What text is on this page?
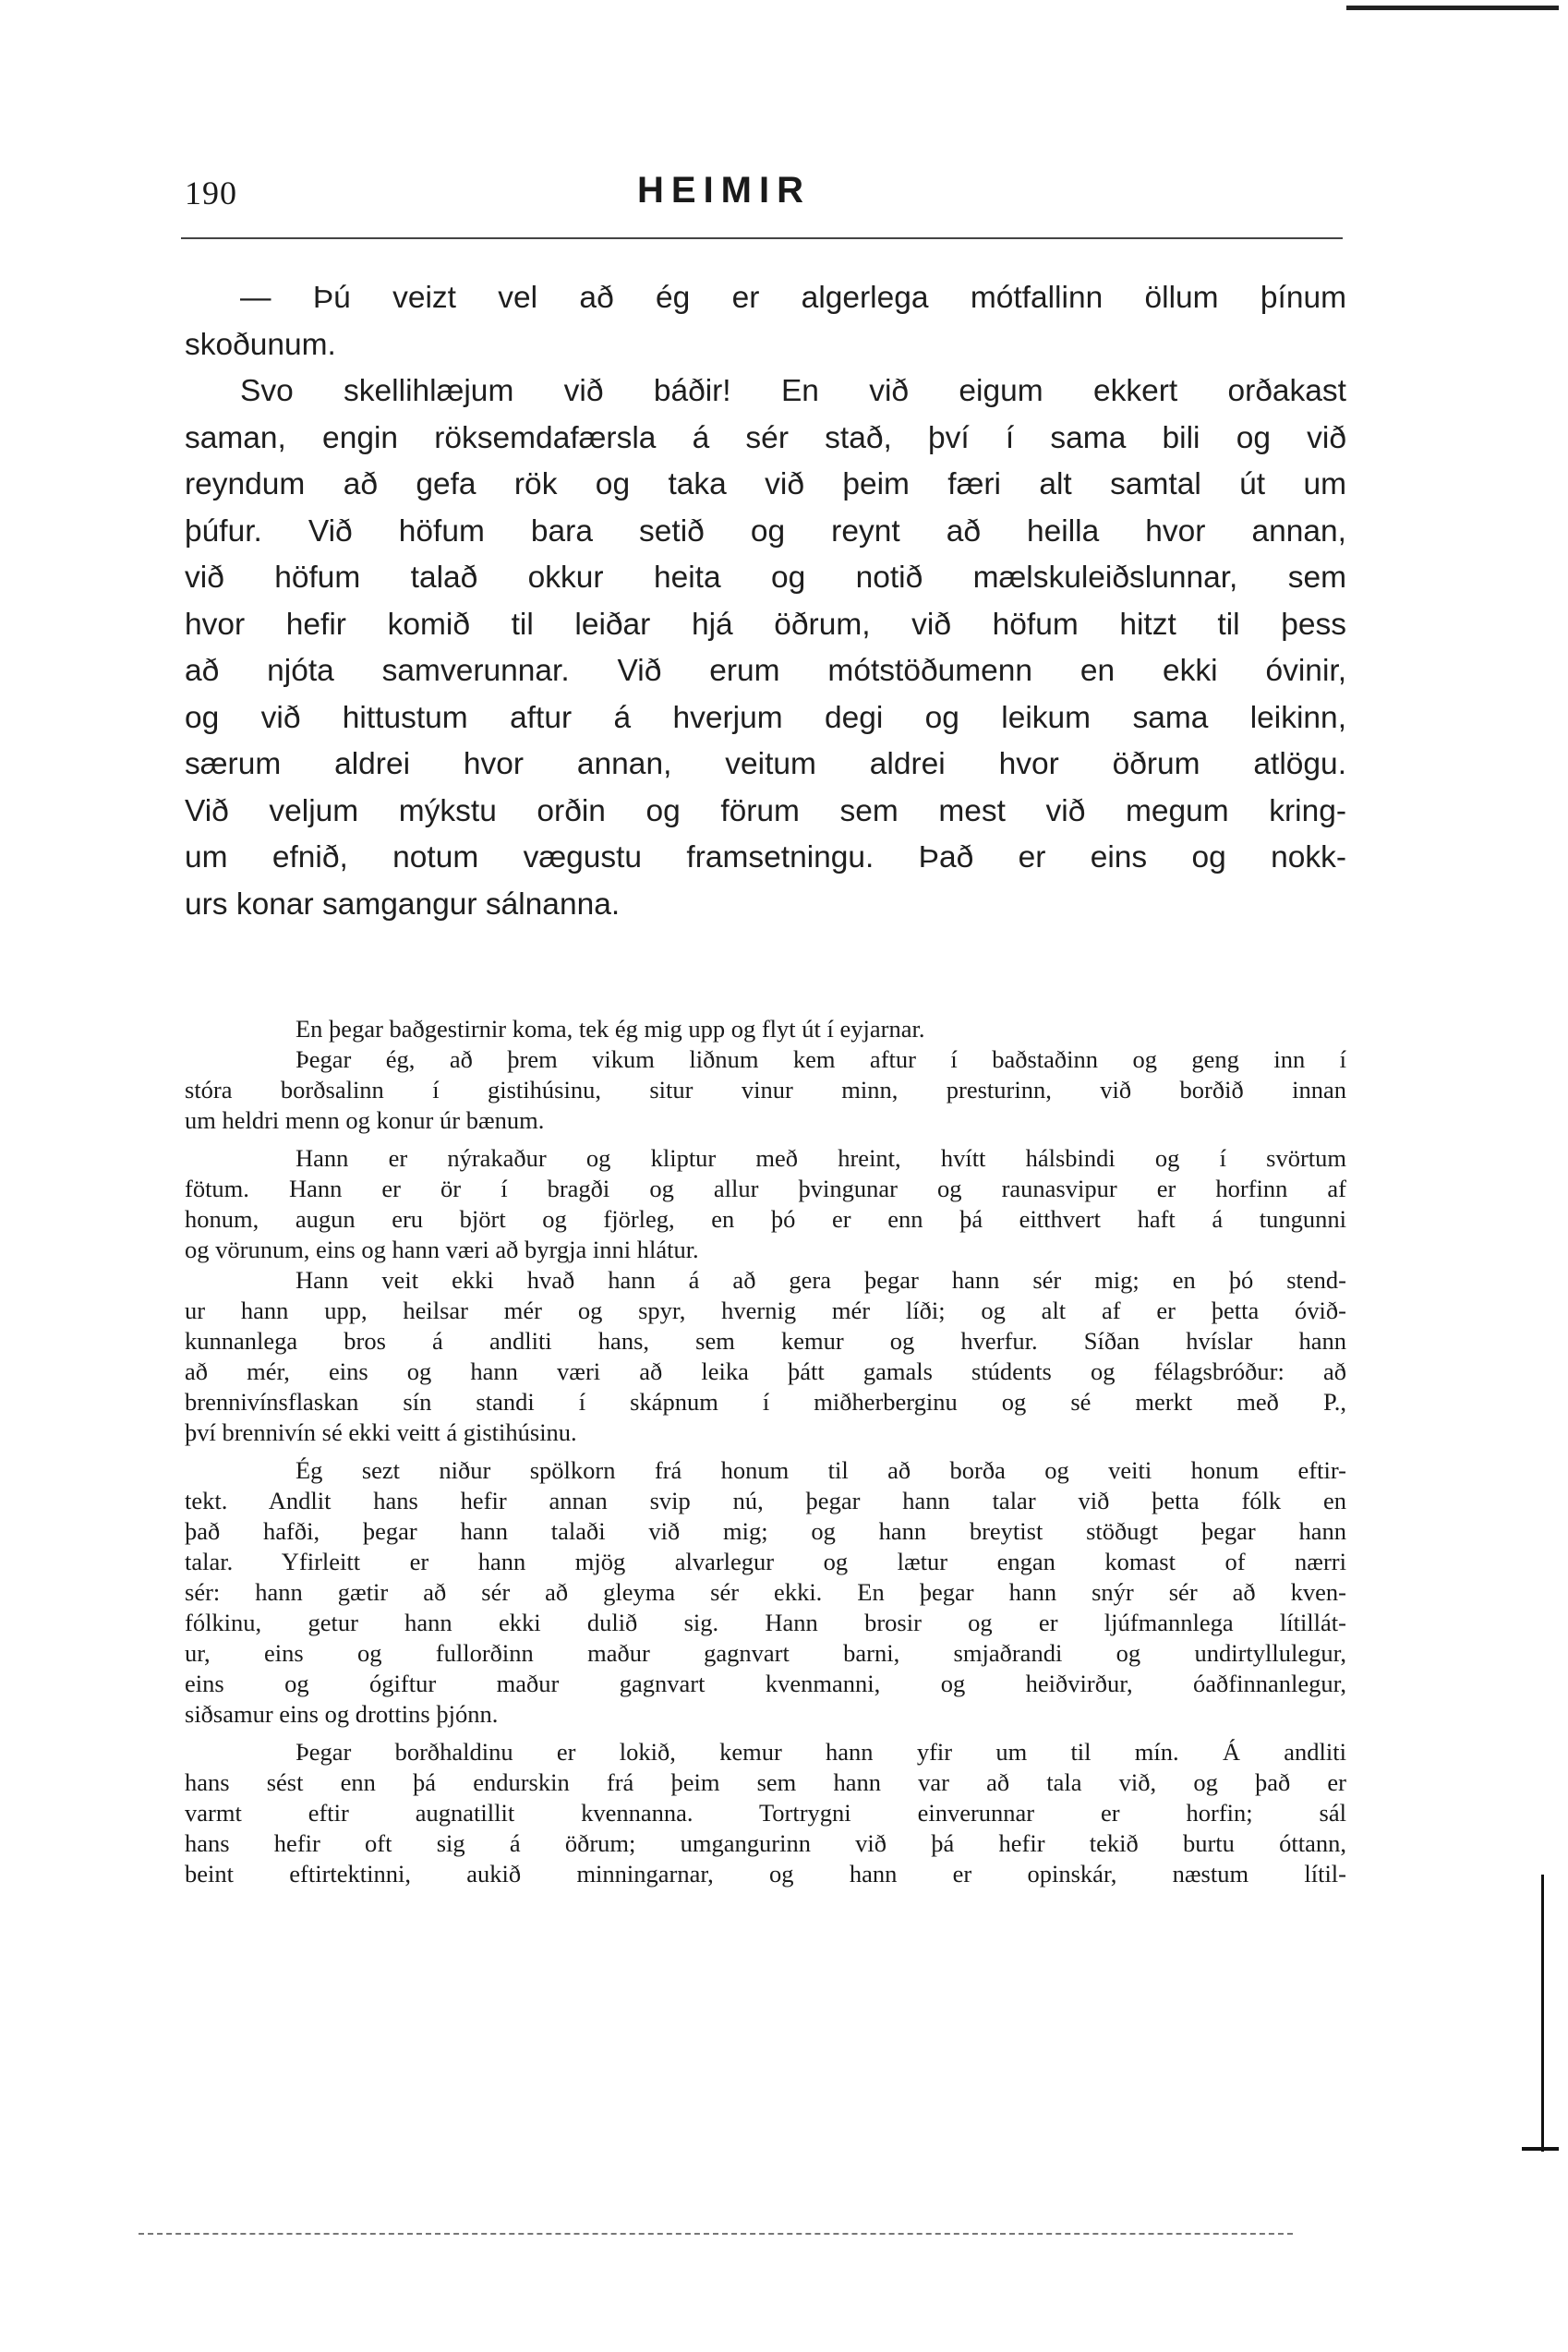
190	HEIMIR
— Þú veizt vel að ég er algerlega mótfallinn öllum þínum
skoðunum.
Svo skellihlæjum við báðir! En við eigum ekkert orðakast
saman, engin röksemdafærsla á sér stað, því í sama bili og við
reyndum að gefa rök og taka við þeim færi alt samtal út um
þúfur. Við höfum bara setið og reynt að heilla hvor annan,
við höfum talað okkur heita og notið mælskuleiðslunnar, sem
hvor hefir komið til leiðar hjá öðrum, við höfum hitzt til þess
að njóta samverunnar. Við erum mótstöðumenn en ekki óvinir,
og við hittustum aftur á hverjum degi og leikum sama leikinn,
særum aldrei hvor annan, veitum aldrei hvor öðrum atlögu.
Við veljum mýkstu orðin og förum sem mest við megum kring-
um efnið, notum vægustu framsetningu. Það er eins og nokk-
urs konar samgangur sálnanna.
En þegar baðgestirnir koma, tek ég mig upp og flyt út í eyjarnar.
Þegar ég, að þrem vikum liðnum kem aftur í baðstaðinn og geng inn í
stóra borðsalinn í gistihúsinu, situr vinur minn, presturinn, við borðið innan
um heldri menn og konur úr bænum.
Hann er nýrakaður og kliptur með hreint, hvítt hálsbindi og í svörtum
fötum. Hann er ör í bragði og allur þvingunar og raunasvipur er horfinn af
honum, augun eru björt og fjörleg, en þó er enn þá eitthvert haft á tungunni
og vörunum, eins og hann væri að byrgja inni hlátur.
Hann veit ekki hvað hann á að gera þegar hann sér mig; en þó stend-
ur hann upp, heilsar mér og spyr, hvernig mér líði; og alt af er þetta óvið-
kunnanlega bros á andliti hans, sem kemur og hverfur. Síðan hvíslar hann
að mér, eins og hann væri að leika þátt gamals stúdents og félagsbróður: að
brennivínsflaskan sín standi í skápnum í miðherberginu og sé merkt með P.,
því brennivín sé ekki veitt á gistihúsinu.
Ég sezt niður spölkorn frá honum til að borða og veiti honum eftir-
tekt. Andlit hans hefir annan svip nú, þegar hann talar við þetta fólk en
það hafði, þegar hann talaði við mig; og hann breytist stöðugt þegar hann
talar. Yfirleitt er hann mjög alvarlegur og lætur engan komast of nærri
sér: hann gætir að sér að gleyma sér ekki. En þegar hann snýr sér að kven-
fólkinu, getur hann ekki dulið sig. Hann brosir og er ljúfmannlega lítillát-
ur, eins og fullorðinn maður gagnvart barni, smjaðrandi og undirtyllulegur,
eins og ógiftur maður gagnvart kvenmanni, og heiðvirður, óaðfinnanlegur,
siðsamur eins og drottins þjónn.
Þegar borðhaldinu er lokið, kemur hann yfir um til mín. Á andliti
hans sést enn þá endurskin frá þeim sem hann var að tala við, og það er
varmt eftir augnatillit kvennanna. Tortrygni einverunnar er horfin; sál
hans hefir oft sig á öðrum; umgangurinn við þá hefir tekið burtu óttann,
beint eftirtektinni, aukið minningarnar, og hann er opinskár, næstum lítil-
